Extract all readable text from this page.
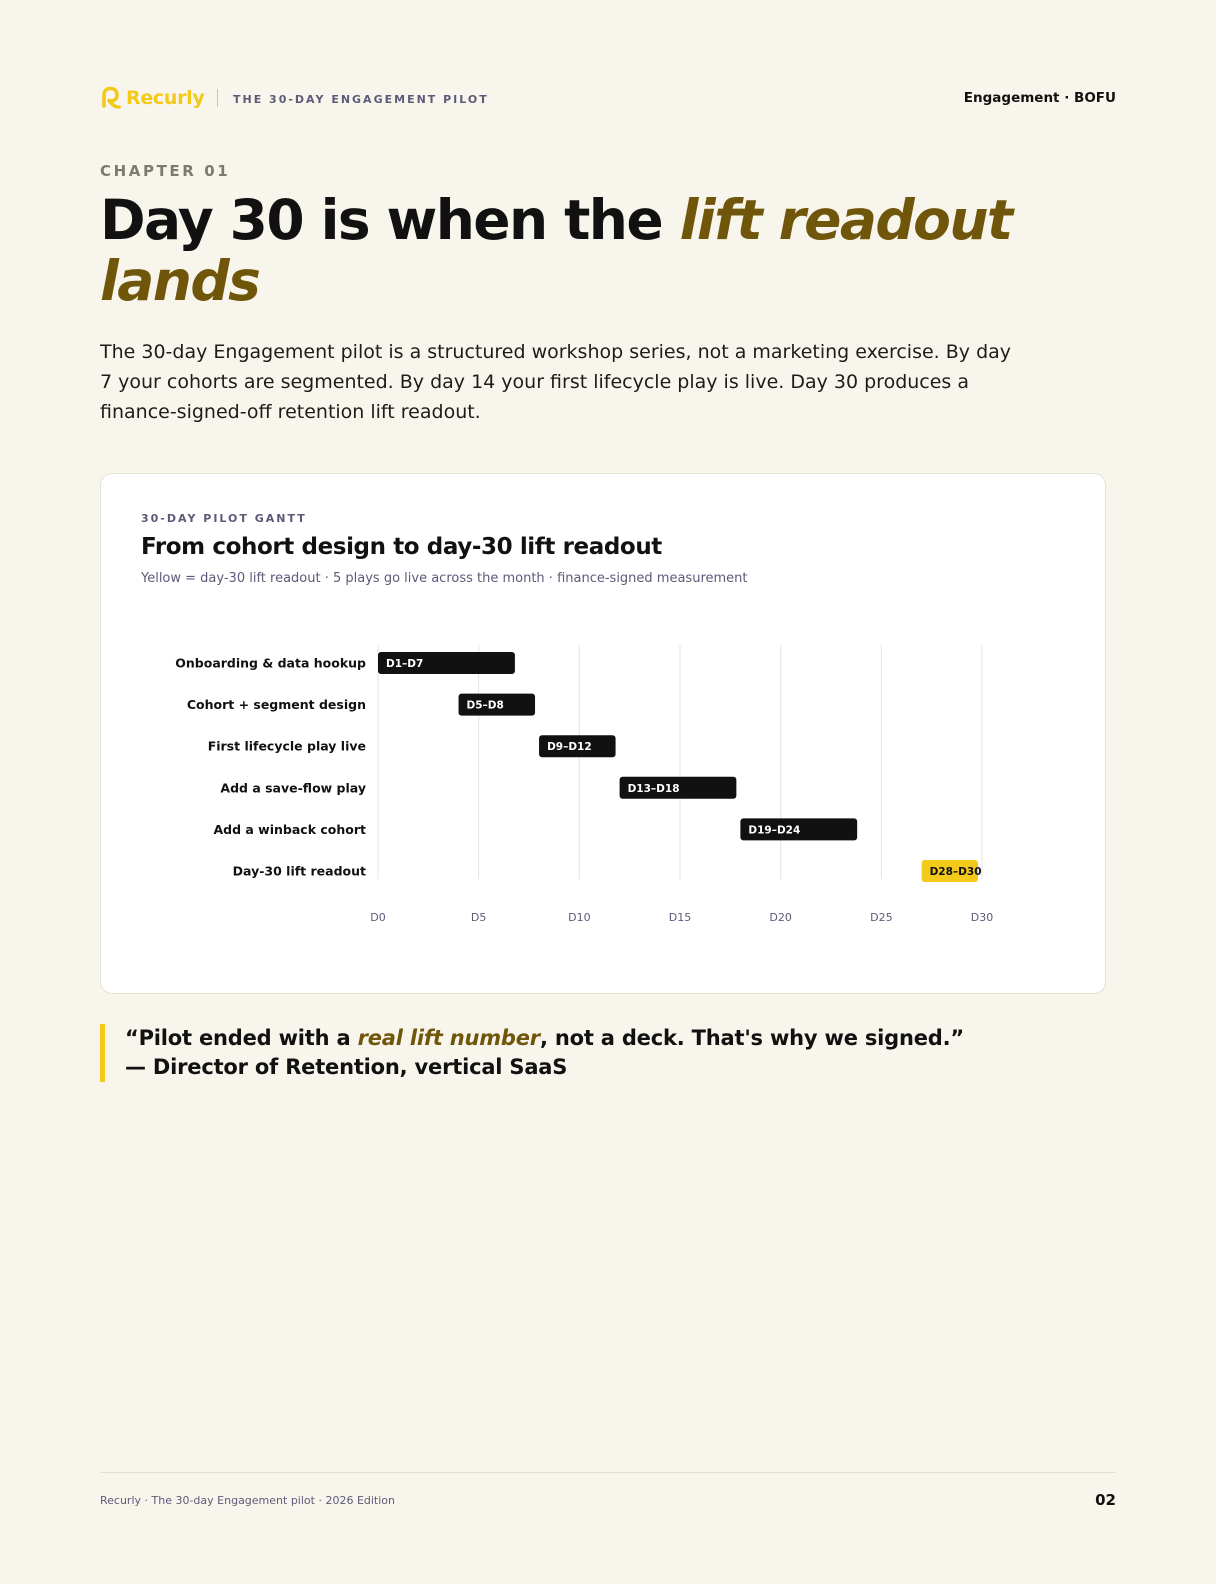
Recurly	THE 30-DAY ENGAGEMENT PILOT	Engagement · BOFU
CHAPTER 01
Day 30 is when the lift readout lands

The 30-day Engagement pilot is a structured workshop series, not a marketing exercise. By day 7 your cohorts are segmented. By day 14 your first lifecycle play is live. Day 30 produces a finance-signed-off retention lift readout.

30-DAY PILOT GANTT
From cohort design to day-30 lift readout
Yellow = day-30 lift readout · 5 plays go live across the month · finance-signed measurement
D0	D5	D10	D15	D20	D25	D30
Onboarding & data hookup D1–D7
Cohort + segment design	D5–D8
First lifecycle play live	D9–D12
Add a save-flow play	D13–D18
Add a winback cohort	D19–D24
Day-30 lift readout	D28–D30

“Pilot ended with a real lift number, not a deck. That's why we signed.” — Director of Retention, vertical SaaS

Recurly · The 30-day Engagement pilot · 2026 Edition	02
